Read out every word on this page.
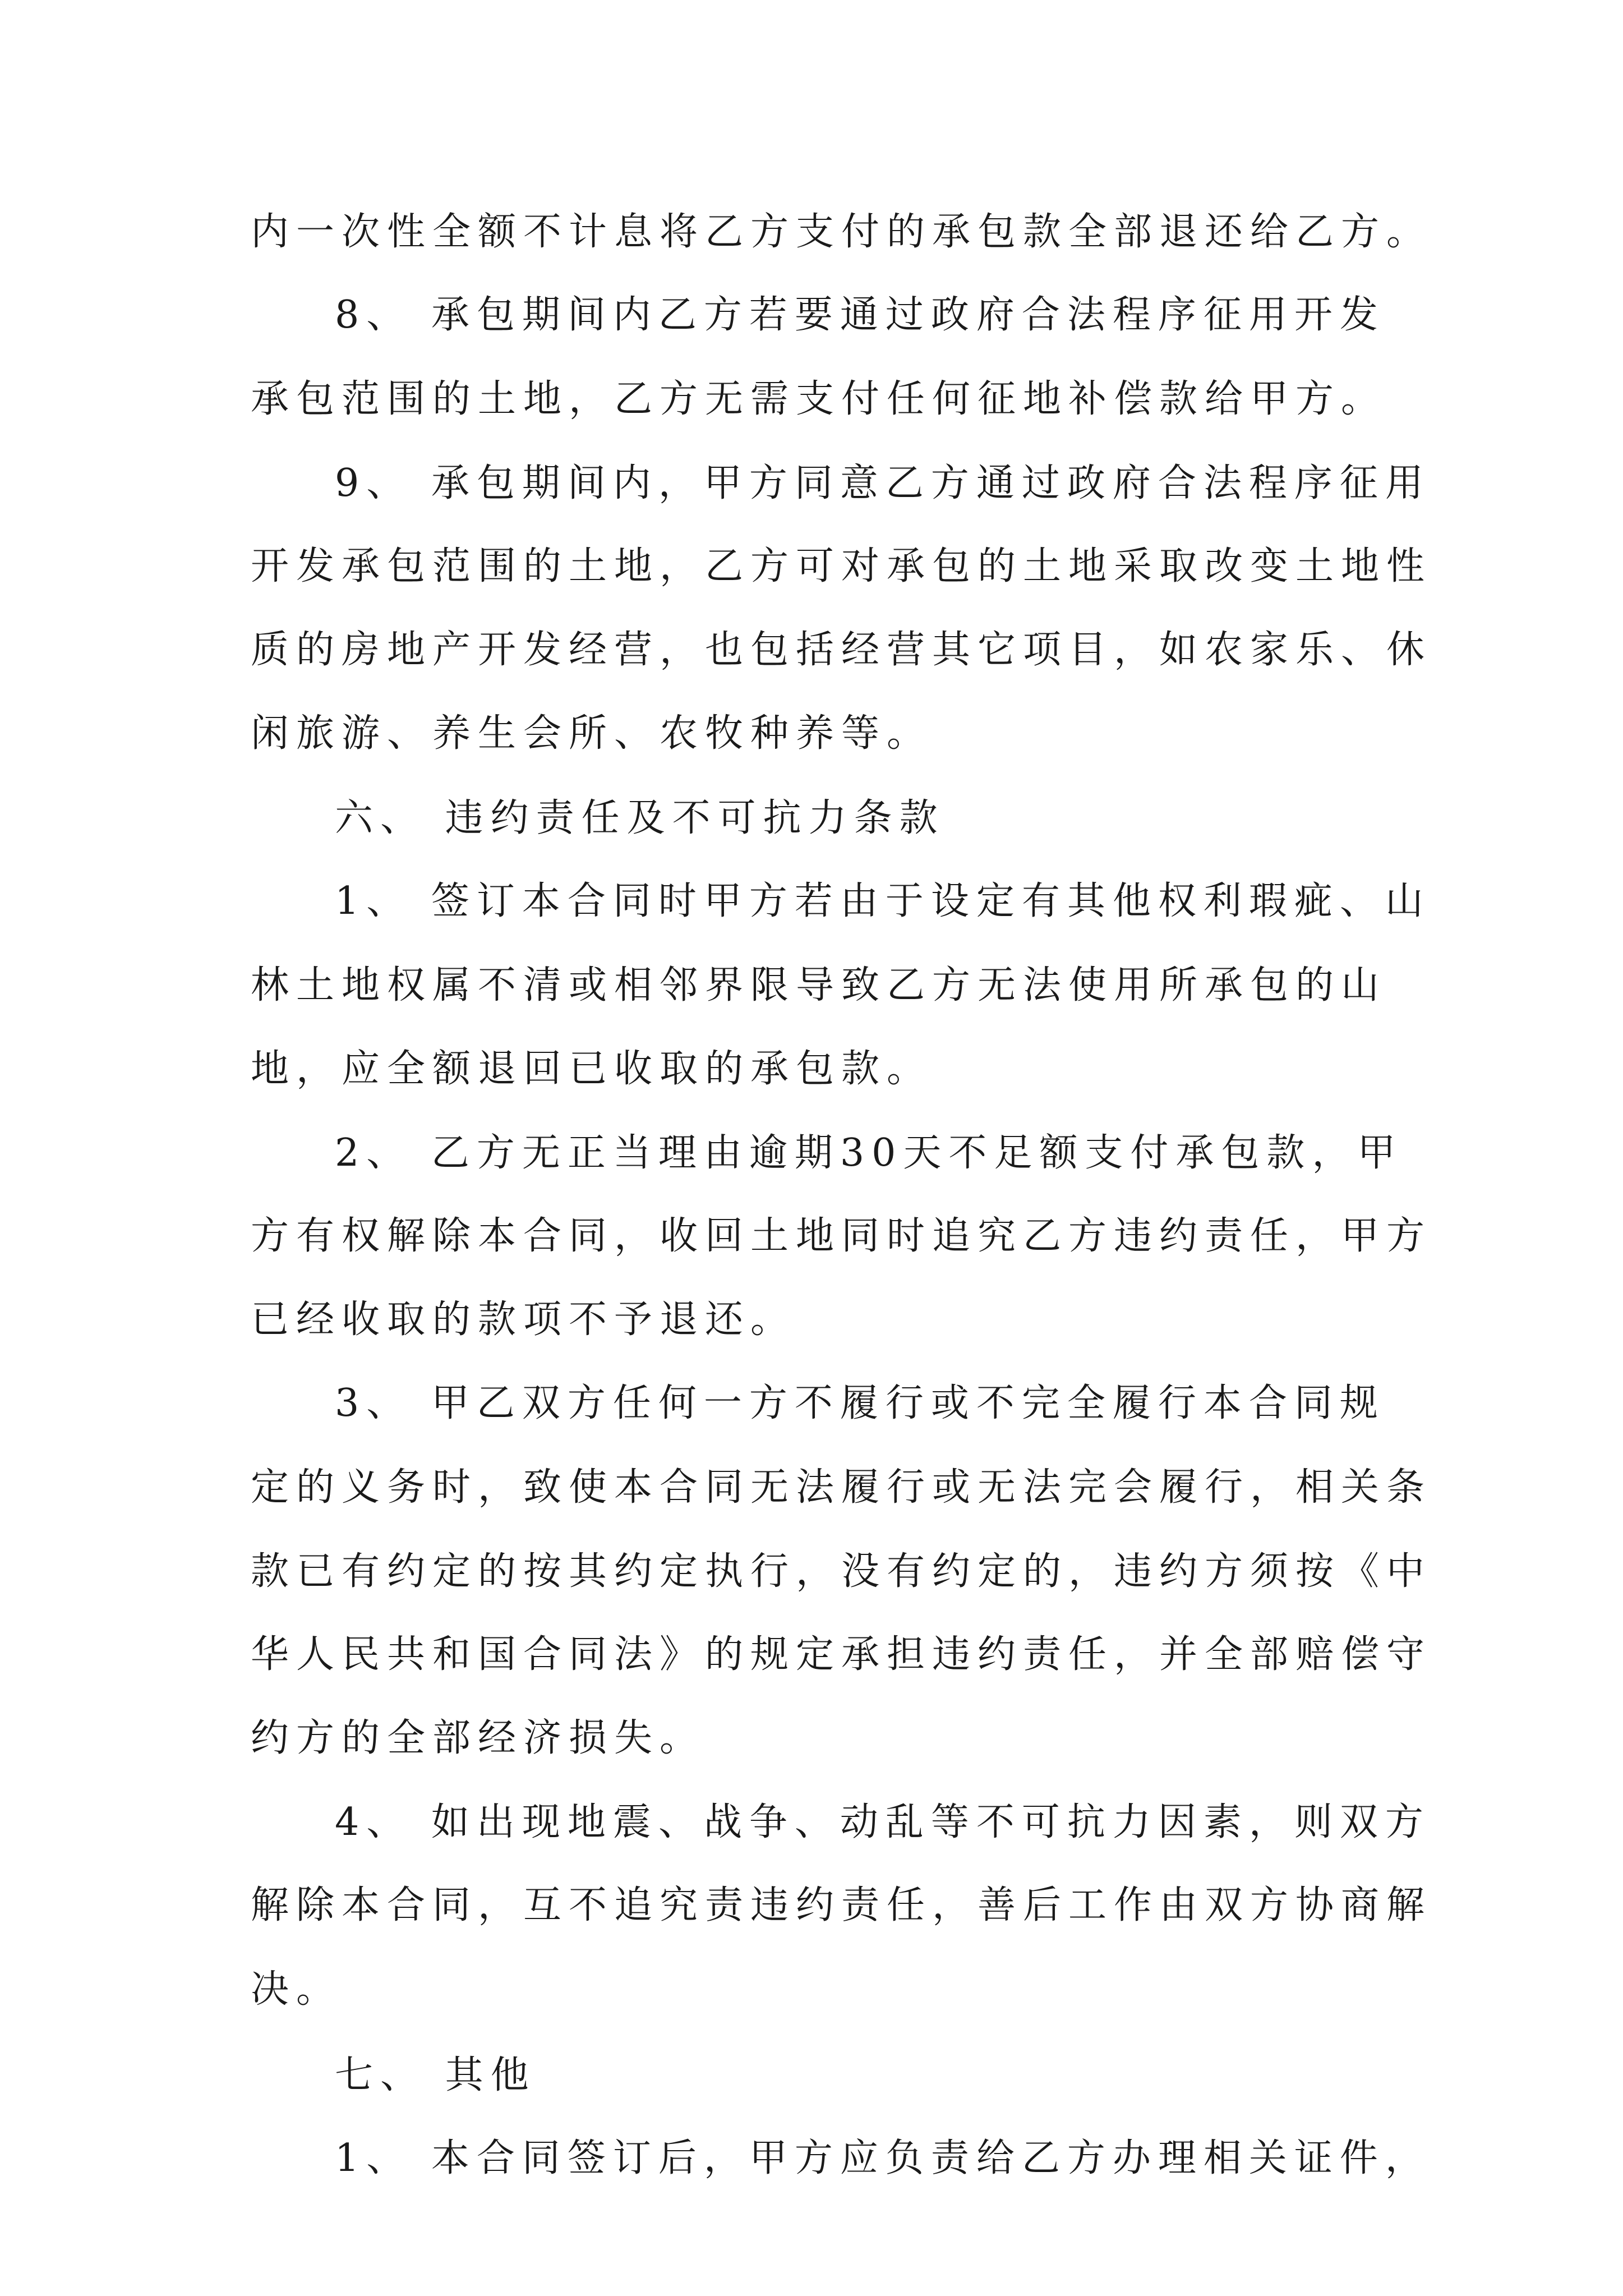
内一次性全额不计息将乙方支付的承包款全部退还给乙方。
8、 承包期间内乙方若要通过政府合法程序征用开发
承包范围的土地，乙方无需支付任何征地补偿款给甲方。
9、 承包期间内，甲方同意乙方通过政府合法程序征用
开发承包范围的土地，乙方可对承包的土地采取改变土地性
质的房地产开发经营，也包括经营其它项目，如农家乐、休
闲旅游、养生会所、农牧种养等。
六、 违约责任及不可抗力条款
1、 签订本合同时甲方若由于设定有其他权利瑕疵、山
林土地权属不清或相邻界限导致乙方无法使用所承包的山
地，应全额退回已收取的承包款。
2、 乙方无正当理由逾期30天不足额支付承包款，甲
方有权解除本合同，收回土地同时追究乙方违约责任，甲方
已经收取的款项不予退还。
3、 甲乙双方任何一方不履行或不完全履行本合同规
定的义务时，致使本合同无法履行或无法完会履行，相关条
款已有约定的按其约定执行，没有约定的，违约方须按《中
华人民共和国合同法》的规定承担违约责任，并全部赔偿守
约方的全部经济损失。
4、 如出现地震、战争、动乱等不可抗力因素，则双方
解除本合同，互不追究责违约责任，善后工作由双方协商解
决。
七、 其他
1、 本合同签订后，甲方应负责给乙方办理相关证件，
